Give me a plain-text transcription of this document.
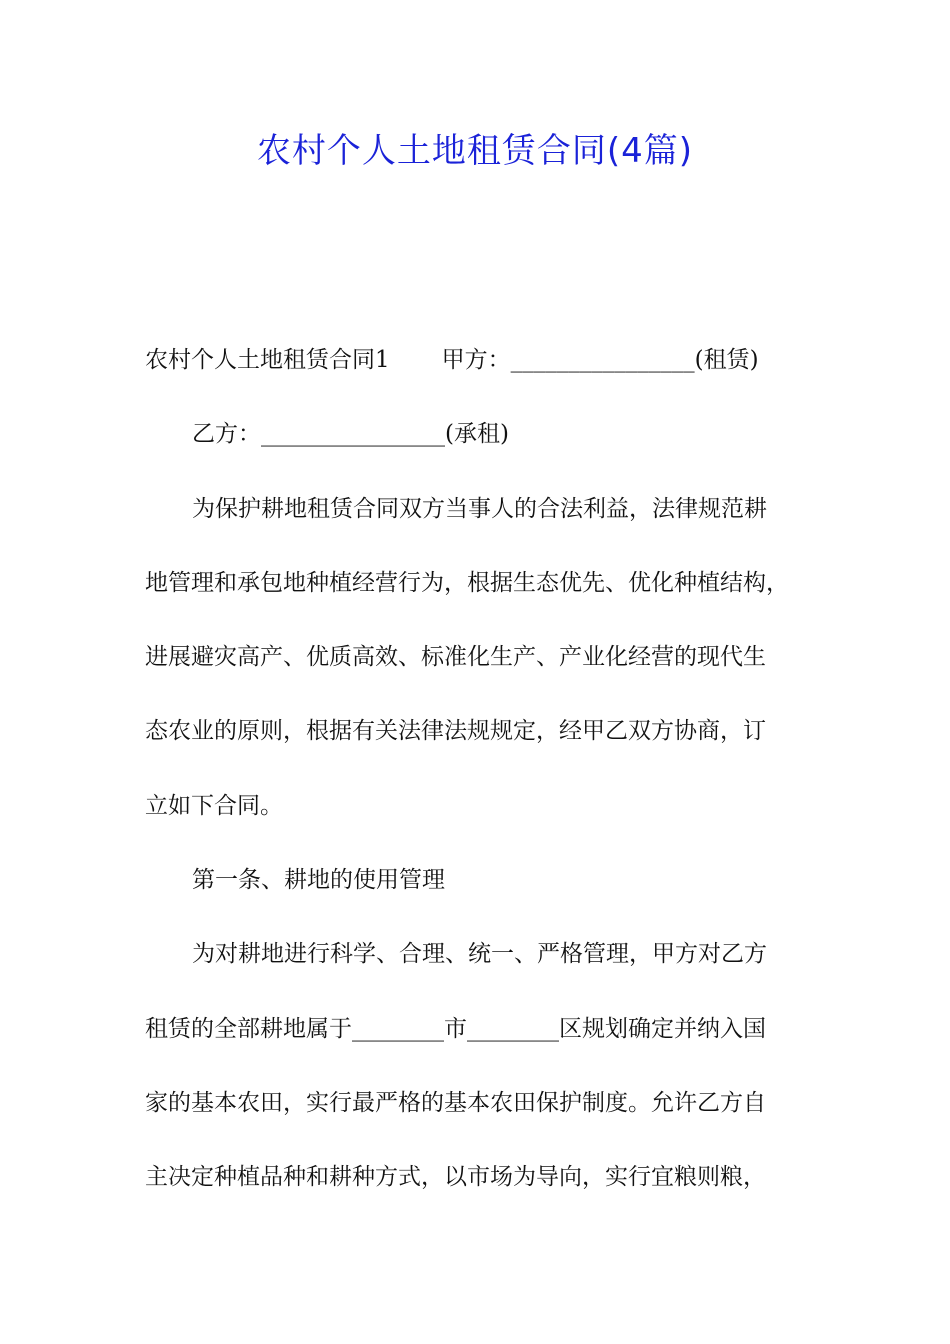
农村个人土地租赁合同(4篇)
农村个人土地租赁合同1 甲方：________________(租赁)
乙方：________________(承租)
为保护耕地租赁合同双方当事人的合法利益，法律规范耕
地管理和承包地种植经营行为，根据生态优先、优化种植结构，
进展避灾高产、优质高效、标准化生产、产业化经营的现代生
态农业的原则，根据有关法律法规规定，经甲乙双方协商，订
立如下合同。
第一条、耕地的使用管理
为对耕地进行科学、合理、统一、严格管理，甲方对乙方
租赁的全部耕地属于________市________区规划确定并纳入国
家的基本农田，实行最严格的基本农田保护制度。允许乙方自
主决定种植品种和耕种方式，以市场为导向，实行宜粮则粮，
